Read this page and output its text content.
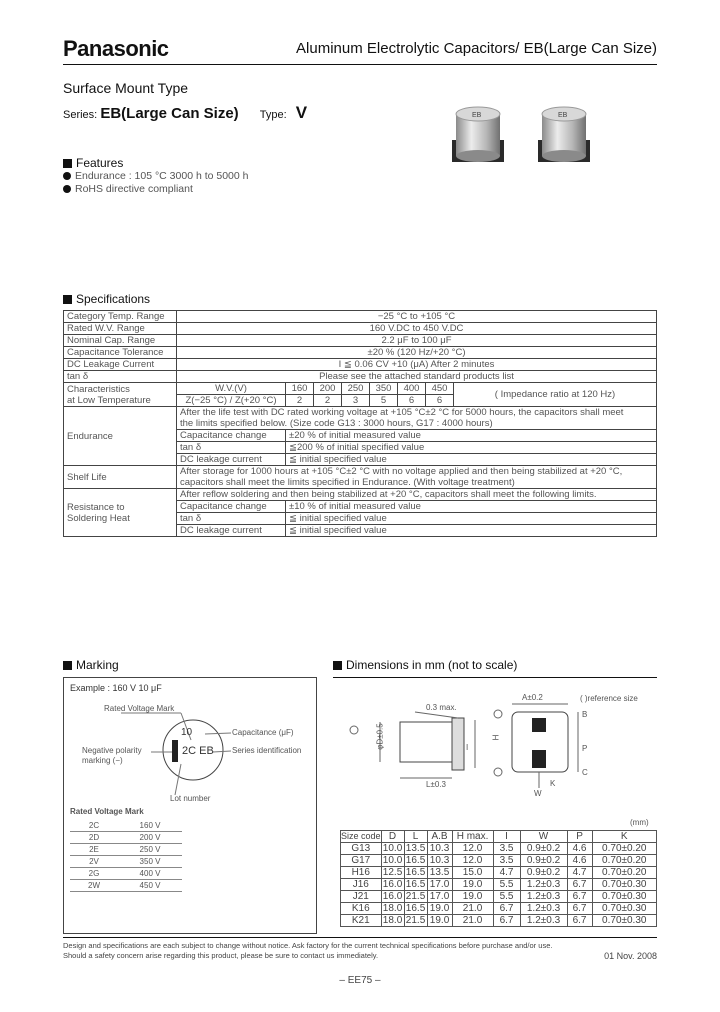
Panasonic	Aluminum Electrolytic Capacitors/ EB(Large Can Size)
Surface Mount Type
Series: EB(Large Can Size) Type: V	EB	EB
Features
Endurance : 105 °C 3000 h to 5000 h
RoHS directive compliant
Specifications
Category Temp. Range	−25 °C to +105 °C							
Rated W.V. Range	160 V.DC to 450 V.DC							
Nominal Cap. Range	2.2 μF to 100 μF							
Capacitance Tolerance	±20 % (120 Hz/+20 °C)							
DC Leakage Current	I ≦ 0.06 CV +10 (μA) After 2 minutes							
tan δ	Please see the attached standard products list							

Characteristics
at Low Temperature	W.V.(V)	160	200	250	350	400	450	( Impedance ratio at 120 Hz)
	Z(−25 °C) / Z(+20 °C)	2	2	3	5	6	6	
Endurance	After the life test with DC rated working voltage at +105 °C±2 °C for 5000 hours, the capacitors shall meet
the limits specified below. (Size code G13 : 3000 hours, G17 : 4000 hours)							

	Capacitance change	±20 % of initial measured value						
	tan δ	≦200 % of initial specified value						
	DC leakage current	≦ initial specified value						
Shelf Life	After storage for 1000 hours at +105 °C±2 °C with no voltage applied and then being stabilized at +20 °C,
capacitors shall meet the limits specified in Endurance. (With voltage treatment)							

Resistance to
Soldering Heat	After reflow soldering and then being stabilized at +20 °C, capacitors shall meet the following limits.							
	Capacitance change	±10 % of initial measured value						
	tan δ	≦ initial specified value						
	DC leakage current	≦ initial specified value						
Marking
Example : 160 V 10 μF
Rated Voltage Mark
Capacitance (μF)
Series identification
Negative polarity
marking (−)
Lot number
10
2C EB
Rated Voltage Mark
2C	160 V
2D	200 V
2E	250 V
2V	350 V
2G	400 V
2W	450 V
Dimensions in mm (not to scale)
( )reference size
(mm)
φD±0.5
L±0.3
0.3 max.
I
H
A±0.2
B
P
C
K
W
Size code	D	L	A.B	H max.	I	W	P	K
G13	10.0	13.5	10.3	12.0	3.5	0.9±0.2	4.6	0.70±0.20
G17	10.0	16.5	10.3	12.0	3.5	0.9±0.2	4.6	0.70±0.20
H16	12.5	16.5	13.5	15.0	4.7	0.9±0.2	4.7	0.70±0.20
J16	16.0	16.5	17.0	19.0	5.5	1.2±0.3	6.7	0.70±0.30
J21	16.0	21.5	17.0	19.0	5.5	1.2±0.3	6.7	0.70±0.30
K16	18.0	16.5	19.0	21.0	6.7	1.2±0.3	6.7	0.70±0.30
K21	18.0	21.5	19.0	21.0	6.7	1.2±0.3	6.7	0.70±0.30
Design and specifications are each subject to change without notice. Ask factory for the current technical specifications before purchase and/or use.
Should a safety concern arise regarding this product, please be sure to contact us immediately.	01 Nov. 2008
– EE75 –
